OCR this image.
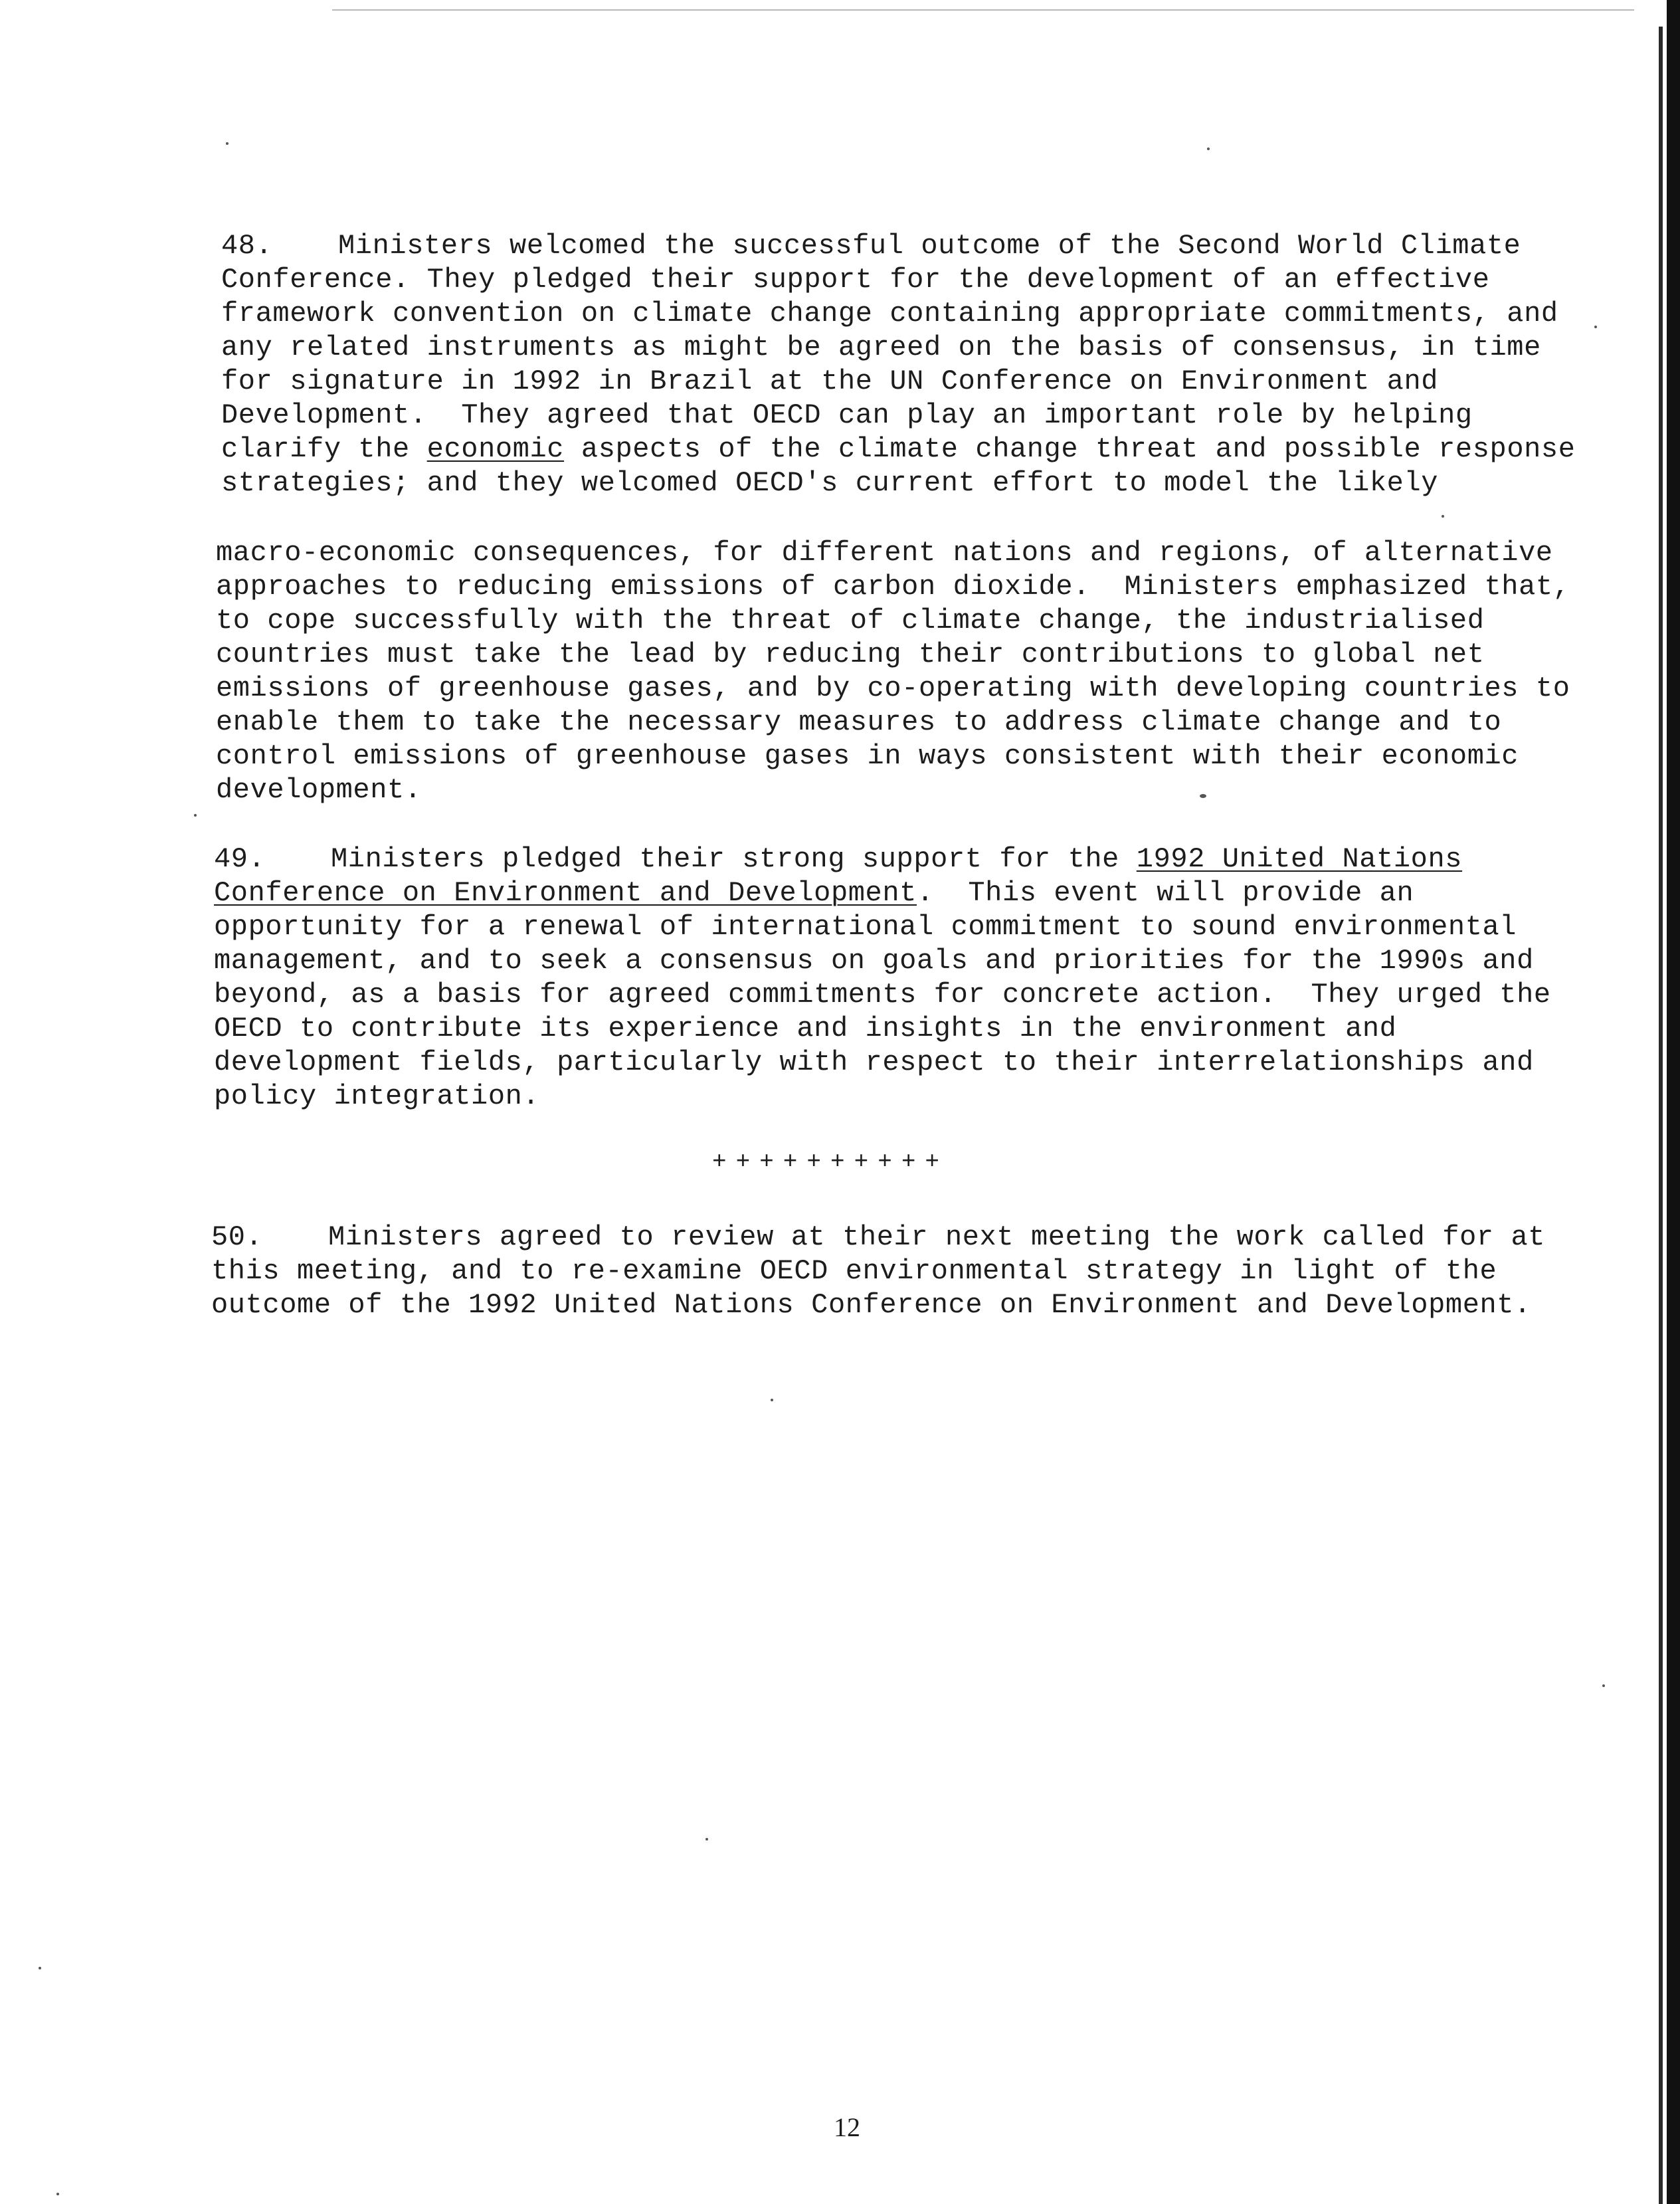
48. Ministers welcomed the successful outcome of the Second World Climate
Conference. They pledged their support for the development of an effective
framework convention on climate change containing appropriate commitments, and
any related instruments as might be agreed on the basis of consensus, in time
for signature in 1992 in Brazil at the UN Conference on Environment and
Development.  They agreed that OECD can play an important role by helping
clarify the economic aspects of the climate change threat and possible response
strategies; and they welcomed OECD's current effort to model the likely

macro-economic consequences, for different nations and regions, of alternative
approaches to reducing emissions of carbon dioxide.  Ministers emphasized that,
to cope successfully with the threat of climate change, the industrialised
countries must take the lead by reducing their contributions to global net
emissions of greenhouse gases, and by co-operating with developing countries to
enable them to take the necessary measures to address climate change and to
control emissions of greenhouse gases in ways consistent with their economic
development.

49. Ministers pledged their strong support for the 1992 United Nations
Conference on Environment and Development.  This event will provide an
opportunity for a renewal of international commitment to sound environmental
management, and to seek a consensus on goals and priorities for the 1990s and
beyond, as a basis for agreed commitments for concrete action.  They urged the
OECD to contribute its experience and insights in the environment and
development fields, particularly with respect to their interrelationships and
policy integration.

++++++++++

50. Ministers agreed to review at their next meeting the work called for at
this meeting, and to re-examine OECD environmental strategy in light of the
outcome of the 1992 United Nations Conference on Environment and Development.

12
